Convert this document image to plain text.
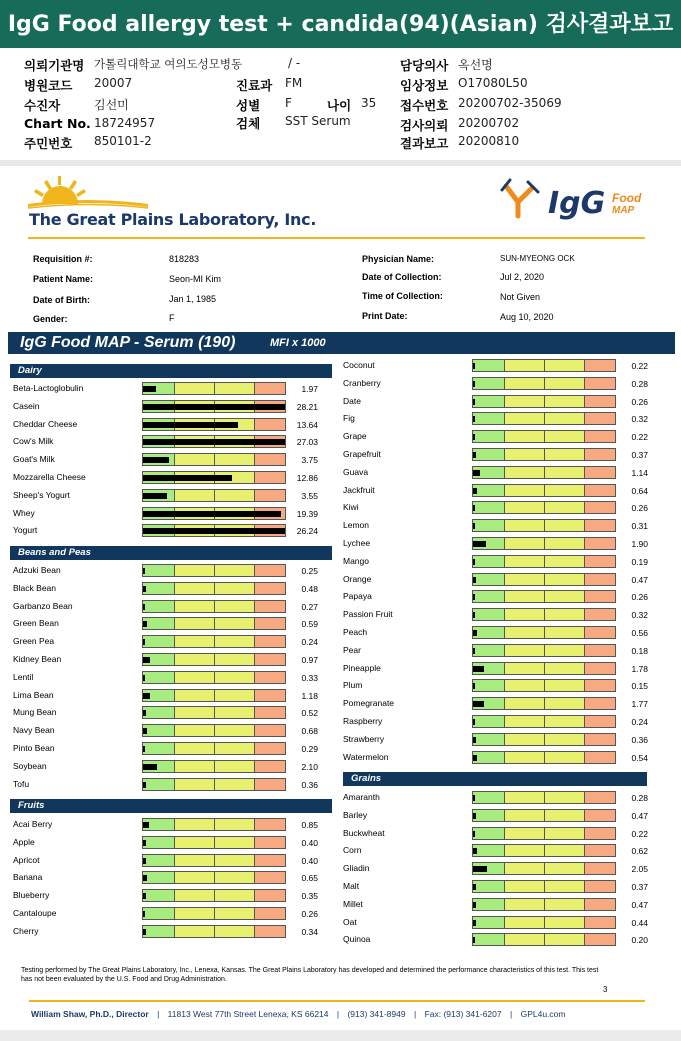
IgG Food allergy test + candida(94)(Asian) 검사결과보고서
의뢰기관명 가톨릭대학교 여의도성모병동	/ -
병원코드 20007	진료과 FM
수진자	김선미	성별 F	나이 35
Chart No. 18724957	검체 SST Serum
주민번호 850101-2
담당의사 옥선명
임상정보 O17080L50
접수번호 20200702-35069
검사의뢰 20200702
결과보고 20200810
The Great Plains Laboratory, Inc.	IgG Food
MAP
Requisition #:	818283
Patient Name:	Seon-MI Kim
Date of Birth:	Jan 1, 1985
Gender:	F
Physician Name:	SUN-MYEONG OCK
Date of Collection:	Jul 2, 2020
Time of Collection:	Not Given
Print Date:	Aug 10, 2020
IgG Food MAP - Serum (190)	MFI x 1000
Dairy
Beta-Lactoglobulin	1.97
Casein	28.21
Cheddar Cheese	13.64
Cow's Milk	27.03
Goat's Milk	3.75
Mozzarella Cheese	12.86
Sheep's Yogurt	3.55
Whey	19.39
Yogurt	26.24
Beans and Peas
Adzuki Bean	0.25
Black Bean	0.48
Garbanzo Bean	0.27
Green Bean	0.59
Green Pea	0.24
Kidney Bean	0.97
Lentil	0.33
Lima Bean	1.18
Mung Bean	0.52
Navy Bean	0.68
Pinto Bean	0.29
Soybean	2.10
Tofu	0.36
Fruits
Acai Berry	0.85
Apple	0.40
Apricot	0.40
Banana	0.65
Blueberry	0.35
Cantaloupe	0.26
Cherry	0.34
Coconut	0.22
Cranberry	0.28
Date	0.26
Fig	0.32
Grape	0.22
Grapefruit	0.37
Guava	1.14
Jackfruit	0.64
Kiwi	0.26
Lemon	0.31
Lychee	1.90
Mango	0.19
Orange	0.47
Papaya	0.26
Passion Fruit	0.32
Peach	0.56
Pear	0.18
Pineapple	1.78
Plum	0.15
Pomegranate	1.77
Raspberry	0.24
Strawberry	0.36
Watermelon	0.54
Grains
Amaranth	0.28
Barley	0.47
Buckwheat	0.22
Corn	0.62
Gliadin	2.05
Malt	0.37
Millet	0.47
Oat	0.44
Quinoa	0.20
Testing performed by The Great Plains Laboratory, Inc., Lenexa, Kansas. The Great Plains Laboratory has developed and determined the performance characteristics of this test. This test has not been evaluated by the U.S. Food and Drug Administration.
3
William Shaw, Ph.D., Director | 11813 West 77th Street Lenexa, KS 66214 | (913) 341-8949 | Fax: (913) 341-6207 | GPL4u.com
